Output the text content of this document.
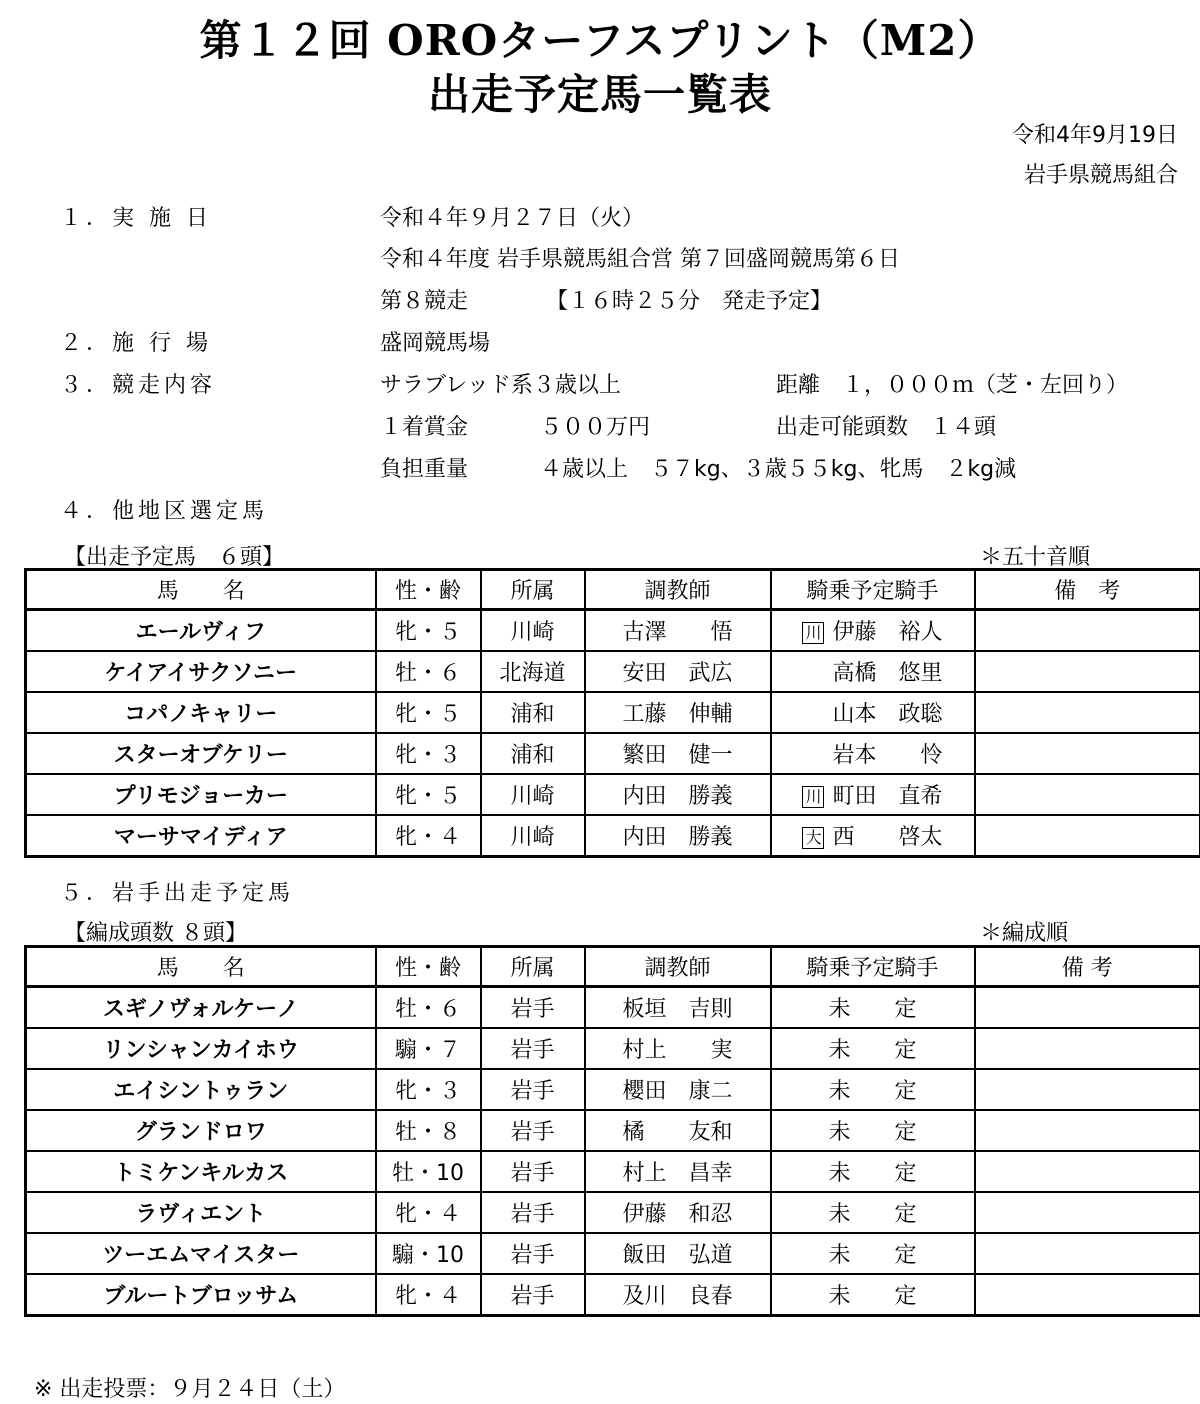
第１２回 OROターフスプリント（M2）
出走予定馬一覧表
令和4年9月19日
岩手県競馬組合
１．実 施 日	令和４年９月２７日（火）
令和４年度 岩手県競馬組合営 第７回盛岡競馬第６日
第８競走	【１６時２５分　発走予定】
２．施 行 場	盛岡競馬場
３．競走内容	サラブレッド系３歳以上	距離　１，０００ｍ（芝・左回り）
１着賞金	５００万円	出走可能頭数　１４頭
負担重量	４歳以上　５７kg、３歳５５kg、牝馬　２kg減
４．他地区選定馬
【出走予定馬　６頭】	＊五十音順
馬　　名	性・齢	所属	調教師	騎乗予定騎手	備　考
エールヴィフ	牝・５	川崎	古澤　　悟	川 伊藤　裕人	
ケイアイサクソニー	牡・６	北海道	安田　武広	高橋　悠里	
コパノキャリー	牝・５	浦和	工藤　伸輔	山本　政聡	
スターオブケリー	牝・３	浦和	繁田　健一	岩本　　怜	
プリモジョーカー	牝・５	川崎	内田　勝義	川 町田　直希	
マーサマイディア	牝・４	川崎	内田　勝義	大 西　　啓太	
５．岩手出走予定馬
【編成頭数 ８頭】	＊編成順
馬　　名	性・齢	所属	調教師	騎乗予定騎手	備 考
スギノヴォルケーノ	牡・６	岩手	板垣　吉則	未　　定	
リンシャンカイホウ	騸・７	岩手	村上　　実	未　　定	
エイシントゥラン	牝・３	岩手	櫻田　康二	未　　定	
グランドロワ	牡・８	岩手	橘　　友和	未　　定	
トミケンキルカス	牡・10	岩手	村上　昌幸	未　　定	
ラヴィエント	牝・４	岩手	伊藤　和忍	未　　定	
ツーエムマイスター	騸・10	岩手	飯田　弘道	未　　定	
ブルートブロッサム	牝・４	岩手	及川　良春	未　　定	
※ 出走投票：９月２４日（土）
